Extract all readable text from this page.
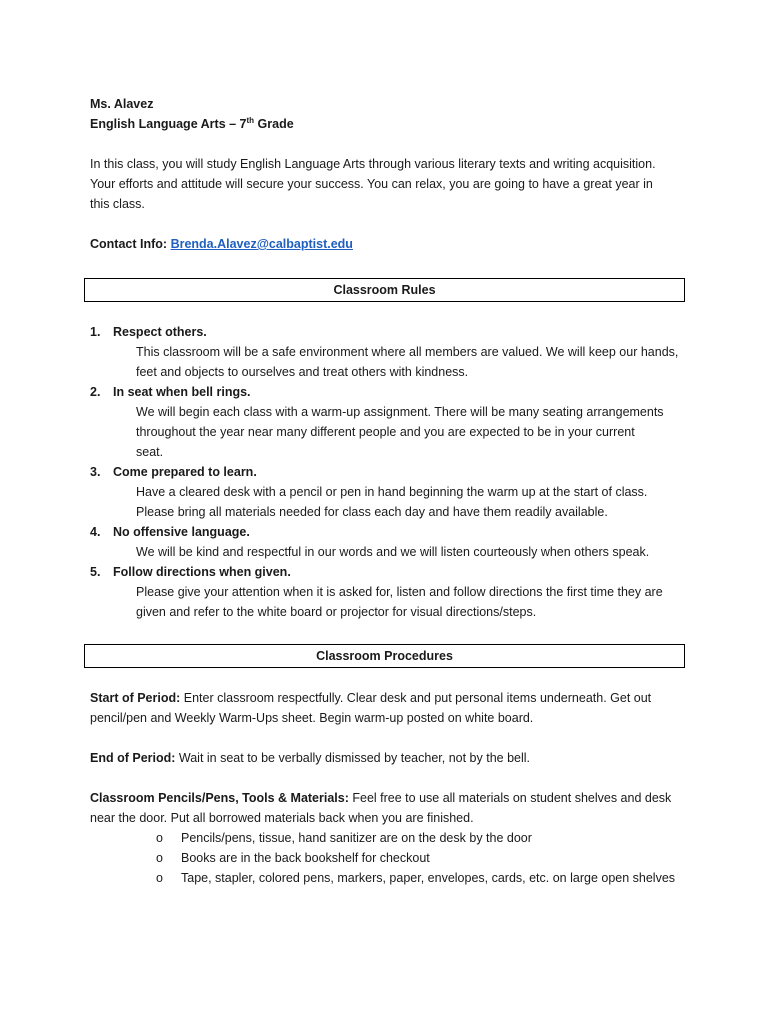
Ms. Alavez
English Language Arts – 7th Grade
In this class, you will study English Language Arts through various literary texts and writing acquisition.
Your efforts and attitude will secure your success. You can relax, you are going to have a great year in
this class.
Contact Info: Brenda.Alavez@calbaptist.edu
Classroom Rules
1. Respect others.
This classroom will be a safe environment where all members are valued. We will keep our hands,
feet and objects to ourselves and treat others with kindness.
2. In seat when bell rings.
We will begin each class with a warm-up assignment. There will be many seating arrangements
throughout the year near many different people and you are expected to be in your current
seat.
3. Come prepared to learn.
Have a cleared desk with a pencil or pen in hand beginning the warm up at the start of class.
Please bring all materials needed for class each day and have them readily available.
4. No offensive language.
We will be kind and respectful in our words and we will listen courteously when others speak.
5. Follow directions when given.
Please give your attention when it is asked for, listen and follow directions the first time they are
given and refer to the white board or projector for visual directions/steps.
Classroom Procedures
Start of Period: Enter classroom respectfully. Clear desk and put personal items underneath. Get out
pencil/pen and Weekly Warm-Ups sheet. Begin warm-up posted on white board.
End of Period: Wait in seat to be verbally dismissed by teacher, not by the bell.
Classroom Pencils/Pens, Tools & Materials: Feel free to use all materials on student shelves and desk
near the door. Put all borrowed materials back when you are finished.
o Pencils/pens, tissue, hand sanitizer are on the desk by the door
o Books are in the back bookshelf for checkout
o Tape, stapler, colored pens, markers, paper, envelopes, cards, etc. on large open shelves
